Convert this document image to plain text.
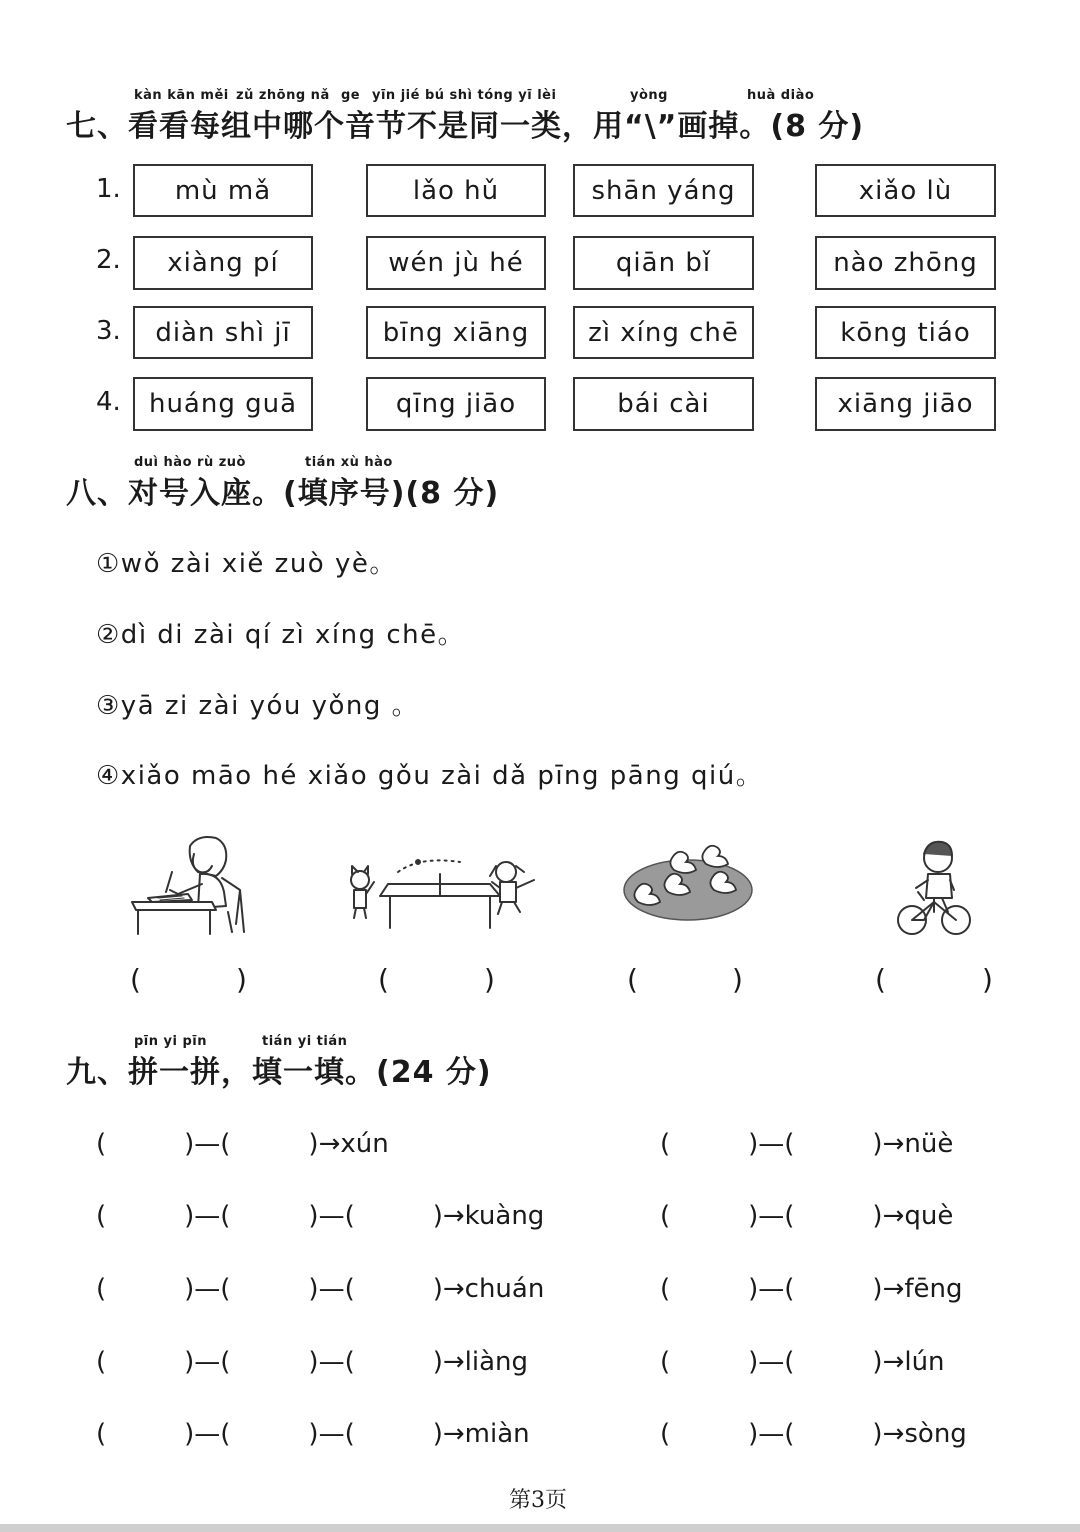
kàn kān měi zǔ zhōng nǎ ge yīn jié bú shì tóng yī lèi	yòng	huà diào
七、看看每组中哪个音节不是同一类，用“\”画掉。(8 分)
1.	mù mǎ	lǎo hǔ	shān yáng	xiǎo lù
2.	xiàng pí	wén jù hé	qiān bǐ	nào zhōng
3.	diàn shì jī	bīng xiāng	zì xíng chē	kōng tiáo
4.	huáng guā	qīng jiāo	bái cài	xiāng jiāo
duì hào rù zuò	tián xù hào
八、对号入座。(填序号)(8 分)
①wǒ zài xiě zuò yè。
②dì di zài qí zì xíng chē。
③yā zi zài yóu yǒng 。
④xiǎo māo hé xiǎo gǒu zài dǎ pīng pāng qiú。
(	)	(	)	(	)	(	)
pīn yi pīn	tián yi tián
九、拼一拼，填一填。(24 分)
(　　　)—(　　　)→xún
(　　　)—(　　　)—(　　　)→kuàng
(　　　)—(　　　)—(　　　)→chuán
(　　　)—(　　　)—(　　　)→liàng
(　　　)—(　　　)—(　　　)→miàn
(　　　)—(　　　)→nüè
(　　　)—(　　　)→què
(　　　)—(　　　)→fēng
(　　　)—(　　　)→lún
(　　　)—(　　　)→sòng
第3页
